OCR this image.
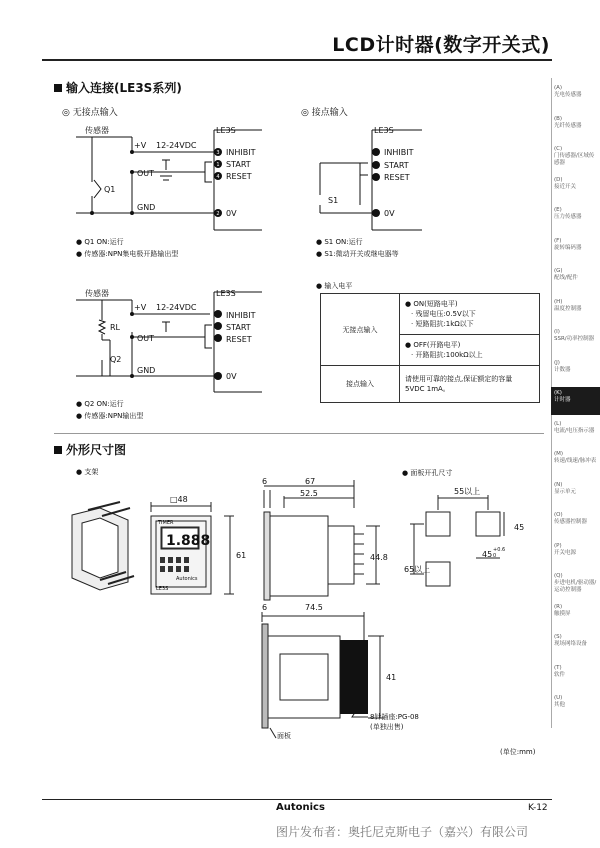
LCD计时器(数字开关式)
(A)
光电传感器
(B)
光纤传感器
(C)
门传感器/区域传感器
(D)
接近开关
(E)
压力传感器
(F)
旋转编码器
(G)
配线/配件
(H)
温度控制器
(I)
SSR/功率控制器
(J)
计数器
(K)
计时器
(L)
电流/电压指示器
(M)
转速/线速/脉冲表
(N)
显示单元
(O)
传感器控制器
(P)
开关电源
(Q)
步进电机/驱动器/运动控制器
(R)
触摸屏
(S)
现场网络设备
(T)
软件
(U)
其他
输入连接(LE3S系列)
◎ 无接点输入	◎ 接点输入
3
1
4
2
传感器	LE3S
+V 12-24VDC
OUT
GND
INHIBIT
START
RESET
0V
Q1
LE3S
INHIBIT
START
RESET
0V
S1
传感器	LE3S
+V 12-24VDC
OUT
GND
INHIBIT
START
RESET
0V
RL
Q2
● Q1 ON:运行
● 传感器:NPN集电极开路输出型
● S1 ON:运行
● S1:微动开关或继电器等
● Q2 ON:运行
● 传感器:NPN输出型
● 输入电平
无接点输入	● ON(短路电平)
· 残留电压:0.5V以下
· 短路阻抗:1kΩ以下

	● OFF(开路电平)
· 开路阻抗:100kΩ以上

接点输入	请使用可靠的接点,保证额定的容量
5VDC 1mA。
外形尺寸图
● 支架	● 面板开孔尺寸
□48
61
6	67
52.5
44.8
55以上
65以上
45
45
6	74.5
41
TIMER
Autonics
LE3S
+0.6
0
1.888
8针插座:PG-08
(单独出售)
面板
(单位:mm)
Autonics	K-12
图片发布者：奥托尼克斯电子（嘉兴）有限公司
